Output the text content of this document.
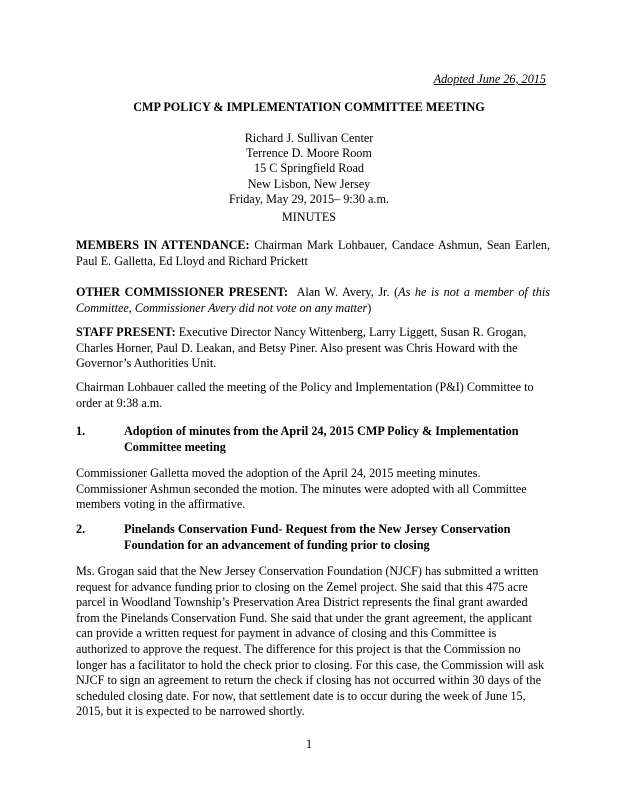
Adopted June 26, 2015
CMP POLICY & IMPLEMENTATION COMMITTEE MEETING
Richard J. Sullivan Center
Terrence D. Moore Room
15 C Springfield Road
New Lisbon, New Jersey
Friday, May 29, 2015– 9:30 a.m.
MINUTES
MEMBERS IN ATTENDANCE: Chairman Mark Lohbauer, Candace Ashmun, Sean Earlen, Paul E. Galletta, Ed Lloyd and Richard Prickett
OTHER COMMISSIONER PRESENT: Alan W. Avery, Jr. (As he is not a member of this Committee, Commissioner Avery did not vote on any matter)
STAFF PRESENT: Executive Director Nancy Wittenberg, Larry Liggett, Susan R. Grogan, Charles Horner, Paul D. Leakan, and Betsy Piner. Also present was Chris Howard with the Governor’s Authorities Unit.
Chairman Lohbauer called the meeting of the Policy and Implementation (P&I) Committee to order at 9:38 a.m.
1.	Adoption of minutes from the April 24, 2015 CMP Policy & Implementation
Committee meeting
Commissioner Galletta moved the adoption of the April 24, 2015 meeting minutes. Commissioner Ashmun seconded the motion. The minutes were adopted with all Committee members voting in the affirmative.
2.	Pinelands Conservation Fund- Request from the New Jersey Conservation
Foundation for an advancement of funding prior to closing
Ms. Grogan said that the New Jersey Conservation Foundation (NJCF) has submitted a written request for advance funding prior to closing on the Zemel project. She said that this 475 acre parcel in Woodland Township’s Preservation Area District represents the final grant awarded from the Pinelands Conservation Fund. She said that under the grant agreement, the applicant can provide a written request for payment in advance of closing and this Committee is authorized to approve the request. The difference for this project is that the Commission no longer has a facilitator to hold the check prior to closing. For this case, the Commission will ask NJCF to sign an agreement to return the check if closing has not occurred within 30 days of the scheduled closing date. For now, that settlement date is to occur during the week of June 15, 2015, but it is expected to be narrowed shortly.
1
